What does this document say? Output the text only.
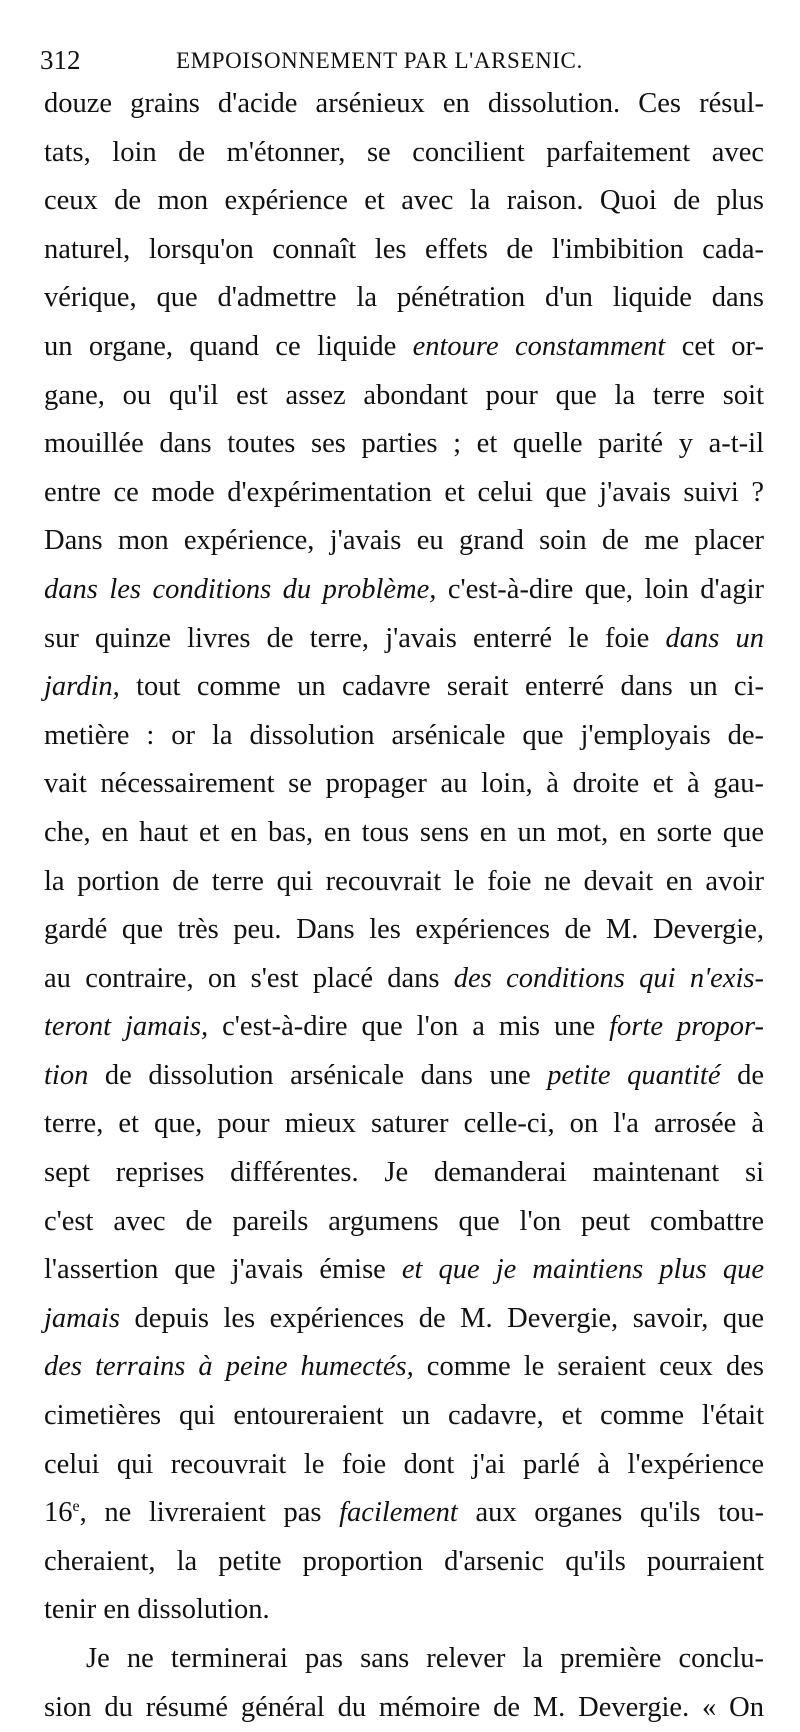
312	EMPOISONNEMENT PAR L'ARSENIC.
douze grains d'acide arsénieux en dissolution. Ces résul-
tats, loin de m'étonner, se concilient parfaitement avec
ceux de mon expérience et avec la raison. Quoi de plus
naturel, lorsqu'on connaît les effets de l'imbibition cada-
vérique, que d'admettre la pénétration d'un liquide dans
un organe, quand ce liquide entoure constamment cet or-
gane, ou qu'il est assez abondant pour que la terre soit
mouillée dans toutes ses parties ; et quelle parité y a-t-il
entre ce mode d'expérimentation et celui que j'avais suivi ?
Dans mon expérience, j'avais eu grand soin de me placer
dans les conditions du problème, c'est-à-dire que, loin d'agir
sur quinze livres de terre, j'avais enterré le foie dans un
jardin, tout comme un cadavre serait enterré dans un ci-
metière : or la dissolution arsénicale que j'employais de-
vait nécessairement se propager au loin, à droite et à gau-
che, en haut et en bas, en tous sens en un mot, en sorte que
la portion de terre qui recouvrait le foie ne devait en avoir
gardé que très peu. Dans les expériences de M. Devergie,
au contraire, on s'est placé dans des conditions qui n'exis-
teront jamais, c'est-à-dire que l'on a mis une forte propor-
tion de dissolution arsénicale dans une petite quantité de
terre, et que, pour mieux saturer celle-ci, on l'a arrosée à
sept reprises différentes. Je demanderai maintenant si
c'est avec de pareils argumens que l'on peut combattre
l'assertion que j'avais émise et que je maintiens plus que
jamais depuis les expériences de M. Devergie, savoir, que
des terrains à peine humectés, comme le seraient ceux des
cimetières qui entoureraient un cadavre, et comme l'était
celui qui recouvrait le foie dont j'ai parlé à l'expérience
16e, ne livreraient pas facilement aux organes qu'ils tou-
cheraient, la petite proportion d'arsenic qu'ils pourraient
tenir en dissolution.
Je ne terminerai pas sans relever la première conclu-
sion du résumé général du mémoire de M. Devergie. « On
